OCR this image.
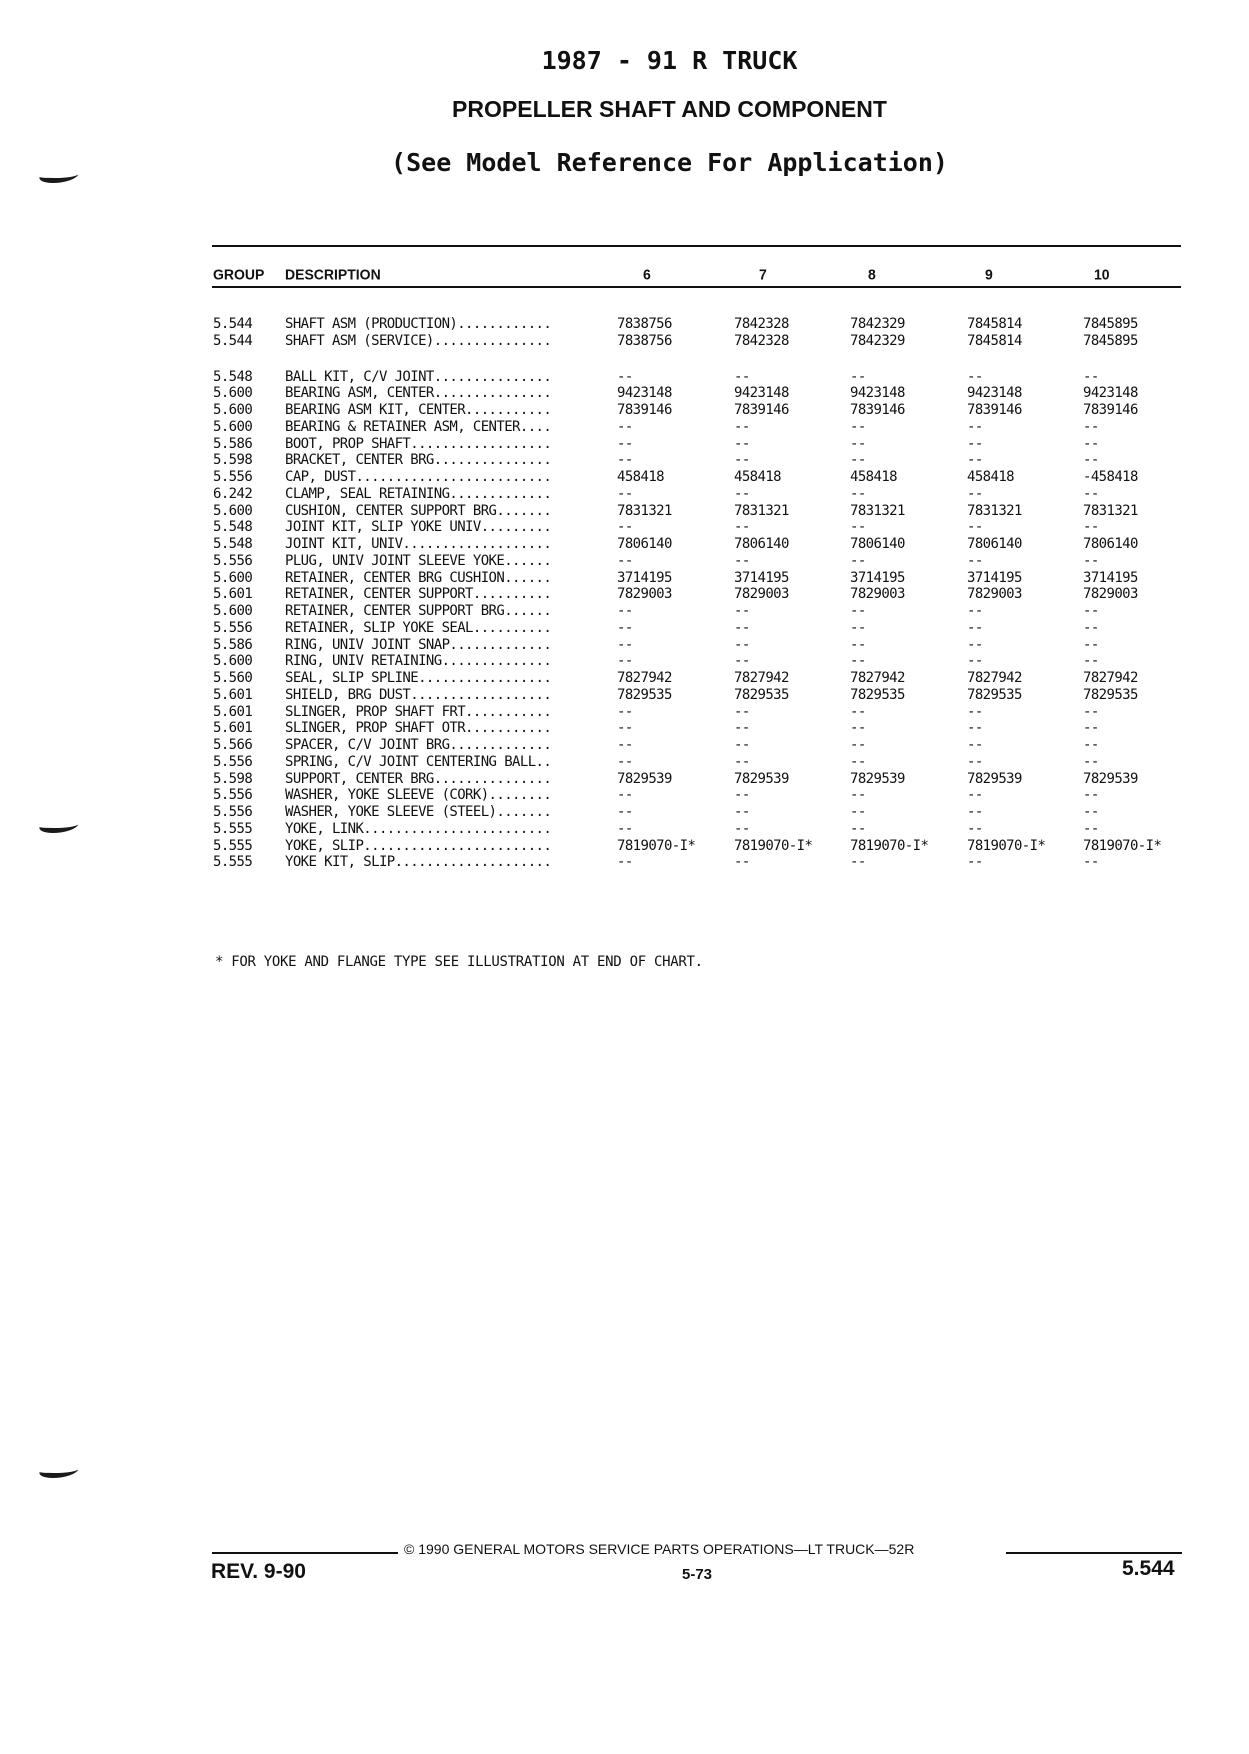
1987 - 91 R TRUCK
PROPELLER SHAFT AND COMPONENT
(See Model Reference For Application)
GROUP DESCRIPTION	6	7	8	9	10
5.544 SHAFT ASM (PRODUCTION)............	7838756	7842328	7842329	7845814	7845895
5.544 SHAFT ASM (SERVICE)...............	7838756	7842328	7842329	7845814	7845895
5.548 BALL KIT, C/V JOINT...............	--	--	--	--	--
5.600 BEARING ASM, CENTER...............	9423148	9423148	9423148	9423148	9423148
5.600 BEARING ASM KIT, CENTER...........	7839146	7839146	7839146	7839146	7839146
5.600 BEARING & RETAINER ASM, CENTER....	--	--	--	--	--
5.586 BOOT, PROP SHAFT..................	--	--	--	--	--
5.598 BRACKET, CENTER BRG...............	--	--	--	--	--
5.556 CAP, DUST.........................	458418	458418	458418	458418	-458418
6.242 CLAMP, SEAL RETAINING.............	--	--	--	--	--
5.600 CUSHION, CENTER SUPPORT BRG.......	7831321	7831321	7831321	7831321	7831321
5.548 JOINT KIT, SLIP YOKE UNIV.........	--	--	--	--	--
5.548 JOINT KIT, UNIV...................	7806140	7806140	7806140	7806140	7806140
5.556 PLUG, UNIV JOINT SLEEVE YOKE......	--	--	--	--	--
5.600 RETAINER, CENTER BRG CUSHION......	3714195	3714195	3714195	3714195	3714195
5.601 RETAINER, CENTER SUPPORT..........	7829003	7829003	7829003	7829003	7829003
5.600 RETAINER, CENTER SUPPORT BRG......	--	--	--	--	--
5.556 RETAINER, SLIP YOKE SEAL..........	--	--	--	--	--
5.586 RING, UNIV JOINT SNAP.............	--	--	--	--	--
5.600 RING, UNIV RETAINING..............	--	--	--	--	--
5.560 SEAL, SLIP SPLINE.................	7827942	7827942	7827942	7827942	7827942
5.601 SHIELD, BRG DUST..................	7829535	7829535	7829535	7829535	7829535
5.601 SLINGER, PROP SHAFT FRT...........	--	--	--	--	--
5.601 SLINGER, PROP SHAFT OTR...........	--	--	--	--	--
5.566 SPACER, C/V JOINT BRG.............	--	--	--	--	--
5.556 SPRING, C/V JOINT CENTERING BALL..	--	--	--	--	--
5.598 SUPPORT, CENTER BRG...............	7829539	7829539	7829539	7829539	7829539
5.556 WASHER, YOKE SLEEVE (CORK)........	--	--	--	--	--
5.556 WASHER, YOKE SLEEVE (STEEL).......	--	--	--	--	--
5.555 YOKE, LINK........................	--	--	--	--	--
5.555 YOKE, SLIP........................	7819070-I*	7819070-I*	7819070-I*	7819070-I*	7819070-I*
5.555 YOKE KIT, SLIP....................	--	--	--	--	--
* FOR YOKE AND FLANGE TYPE SEE ILLUSTRATION AT END OF CHART.
© 1990 GENERAL MOTORS SERVICE PARTS OPERATIONS—LT TRUCK—52R
REV. 9-90	5-73	5.544
